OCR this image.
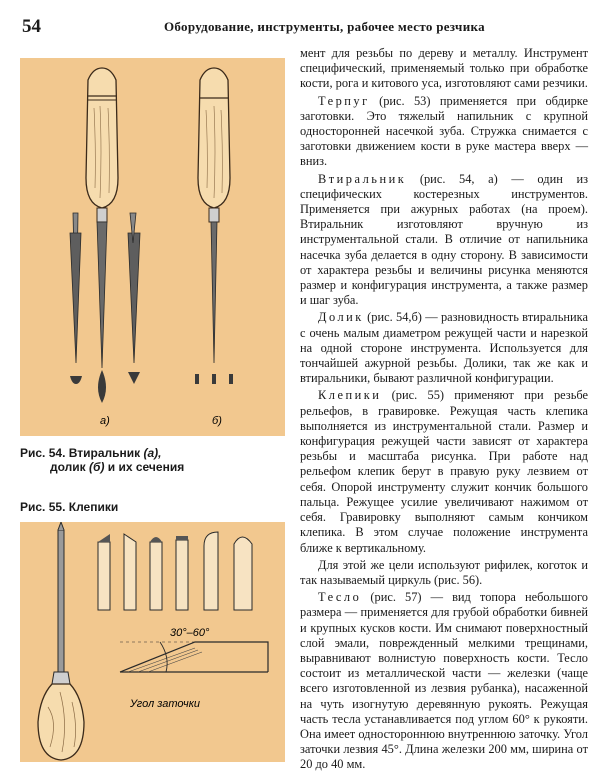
54	Оборудование, инструменты, рабочее место резчика
а)	б)
Рис. 54. Втиральник (а),
долик (б) и их сечения
Рис. 55. Клепики
30°–60°
Угол заточки

мент для резьбы по дереву и металлу. Инструмент специфический, применяемый только при обработке кости, рога и китового уса, изготовляют сами резчики.

Терпуг (рис. 53) применяется при обдирке заготовки. Это тяжелый напильник с крупной односторонней насечкой зуба. Стружка снимается с заготовки движением кости в руке мастера вверх — вниз.

Втиральник (рис. 54, а) — один из специфических костерезных инструментов. Применяется при ажурных работах (на проем). Втиральник изготовляют вручную из инструментальной стали. В отличие от напильника насечка зуба делается в одну сторону. В зависимости от характера резьбы и величины рисунка меняются размер и конфигурация инструмента, а также размер и шаг зуба.

Долик (рис. 54,б) — разновидность втиральника с очень малым диаметром режущей части и нарезкой на одной стороне инструмента. Используется для тончайшей ажурной резьбы. Долики, так же как и втиральники, бывают различной конфигурации.

Клепики (рис. 55) применяют при резьбе рельефов, в гравировке. Режущая часть клепика выполняется из инструментальной стали. Размер и конфигурация режущей части зависят от характера резьбы и масштаба рисунка. При работе над рельефом клепик берут в правую руку лезвием от себя. Опорой инструменту служит кончик большого пальца. Режущее усилие увеличивают нажимом от себя. Гравировку выполняют самым кончиком клепика. В этом случае положение инструмента ближе к вертикальному.

Для этой же цели используют рифилек, коготок и так называемый циркуль (рис. 56).

Тесло (рис. 57) — вид топора небольшого размера — применяется для грубой обработки бивней и крупных кусков кости. Им снимают поверхностный слой эмали, поврежденный мелкими трещинами, выравнивают волнистую поверхность кости. Тесло состоит из металлической части — железки (чаще всего изготовленной из лезвия рубанка), насаженной на чуть изогнутую деревянную рукоять. Режущая часть тесла устанавливается под углом 60° к рукояти. Она имеет одностороннюю внутреннюю заточку. Угол заточки лезвия 45°. Длина железки 200 мм, ширина от 20 до 40 мм.
